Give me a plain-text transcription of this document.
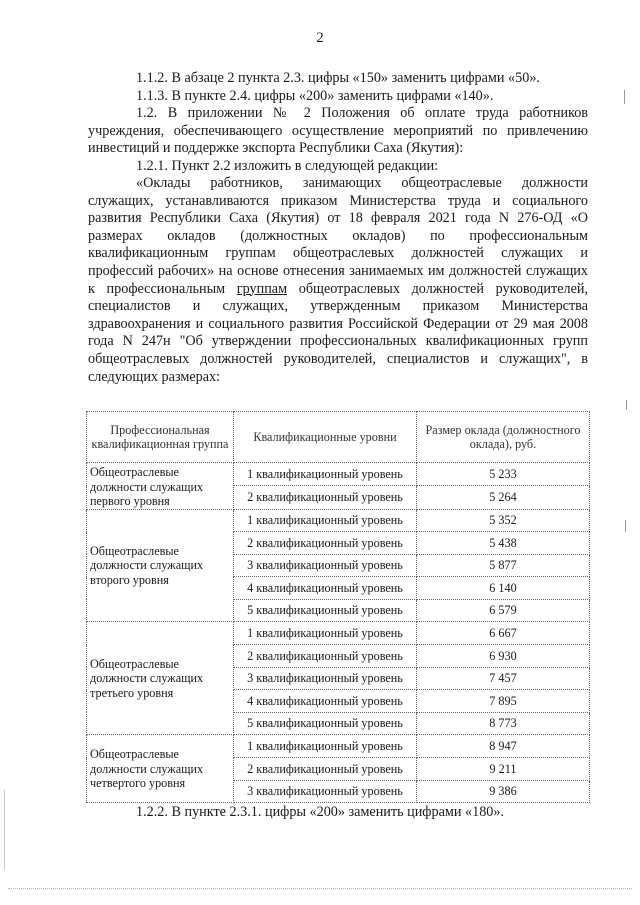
2

1.1.2. В абзаце 2 пункта 2.3. цифры «150» заменить цифрами «50».

1.1.3. В пункте 2.4. цифры «200» заменить цифрами «140».

1.2. В приложении № 2 Положения об оплате труда работников учреждения, обеспечивающего осуществление мероприятий по привлечению инвестиций и поддержке экспорта Республики Саха (Якутия):

1.2.1. Пункт 2.2 изложить в следующей редакции:

«Оклады работников, занимающих общеотраслевые должности служащих, устанавливаются приказом Министерства труда и социального развития Республики Саха (Якутия) от 18 февраля 2021 года N 276-ОД «О размерах окладов (должностных окладов) по профессиональным квалификационным группам общеотраслевых должностей служащих и профессий рабочих» на основе отнесения занимаемых им должностей служащих к профессиональным группам общеотраслевых должностей руководителей, специалистов и служащих, утвержденным приказом Министерства здравоохранения и социального развития Российской Федерации от 29 мая 2008 года N 247н "Об утверждении профессиональных квалификационных групп общеотраслевых должностей руководителей, специалистов и служащих", в следующих размерах:

Профессиональная квалификационная группа	Квалификационные уровни	Размер оклада (должностного оклада), руб.
Общеотраслевые должности служащих первого уровня	1 квалификационный уровень	5 233
	2 квалификационный уровень	5 264
Общеотраслевые должности служащих второго уровня	1 квалификационный уровень	5 352
	2 квалификационный уровень	5 438
	3 квалификационный уровень	5 877
	4 квалификационный уровень	6 140
	5 квалификационный уровень	6 579
Общеотраслевые должности служащих третьего уровня	1 квалификационный уровень	6 667
	2 квалификационный уровень	6 930
	3 квалификационный уровень	7 457
	4 квалификационный уровень	7 895
	5 квалификационный уровень	8 773
Общеотраслевые должности служащих четвертого уровня	1 квалификационный уровень	8 947
	2 квалификационный уровень	9 211
	3 квалификационный уровень	9 386

1.2.2. В пункте 2.3.1. цифры «200» заменить цифрами «180».
